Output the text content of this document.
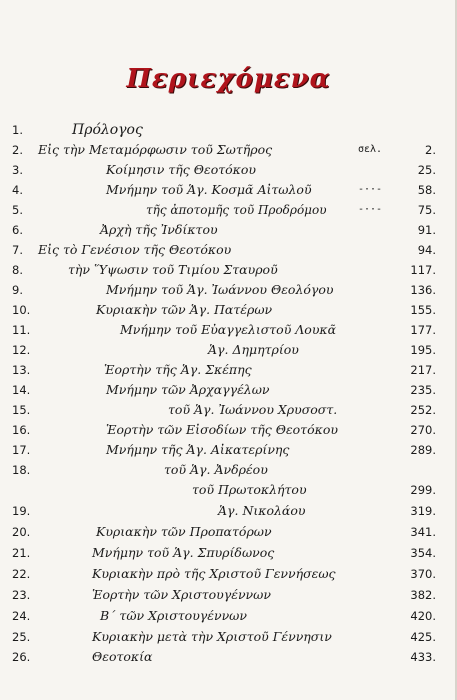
Περιεχόμενα
1.	Πρόλογος
2.	Εἰς τὴν Μεταμόρφωσιν τοῦ Σωτῆρος	σελ.	2.
3.	Κοίμησιν τῆς Θεοτόκου	25.
4.	Μνήμην τοῦ Ἁγ. Κοσμᾶ Αἰτωλοῦ	-··-	58.
5.	τῆς ἀποτομῆς τοῦ Προδρόμου	-··-	75.
6.	Ἀρχὴ τῆς Ἰνδίκτου	91.
7.	Εἰς τὸ Γενέσιον τῆς Θεοτόκου	94.
8.	τὴν Ὕψωσιν τοῦ Τιμίου Σταυροῦ	117.
9.	Μνήμην τοῦ Ἁγ. Ἰωάννου Θεολόγου	136.
10.	Κυριακὴν τῶν Ἁγ. Πατέρων	155.
11.	Μνήμην τοῦ Εὐαγγελιστοῦ Λουκᾶ	177.
12.	Ἁγ. Δημητρίου	195.
13.	Ἑορτὴν τῆς Ἁγ. Σκέπης	217.
14.	Μνήμην τῶν Ἀρχαγγέλων	235.
15.	τοῦ Ἁγ. Ἰωάννου Χρυσοστ.	252.
16.	Ἑορτὴν τῶν Εἰσοδίων τῆς Θεοτόκου	270.
17.	Μνήμην τῆς Ἁγ. Αἰκατερίνης	289.
18.	τοῦ Ἁγ. Ἀνδρέου
τοῦ Πρωτοκλήτου	299.
19.	Ἁγ. Νικολάου	319.
20.	Κυριακὴν τῶν Προπατόρων	341.
21.	Μνήμην τοῦ Ἁγ. Σπυρίδωνος	354.
22.	Κυριακὴν πρὸ τῆς Χριστοῦ Γεννήσεως	370.
23.	Ἑορτὴν τῶν Χριστουγέννων	382.
24.	Β´ τῶν Χριστουγέννων	420.
25.	Κυριακὴν μετὰ τὴν Χριστοῦ Γέννησιν	425.
26.	Θεοτοκία	433.
